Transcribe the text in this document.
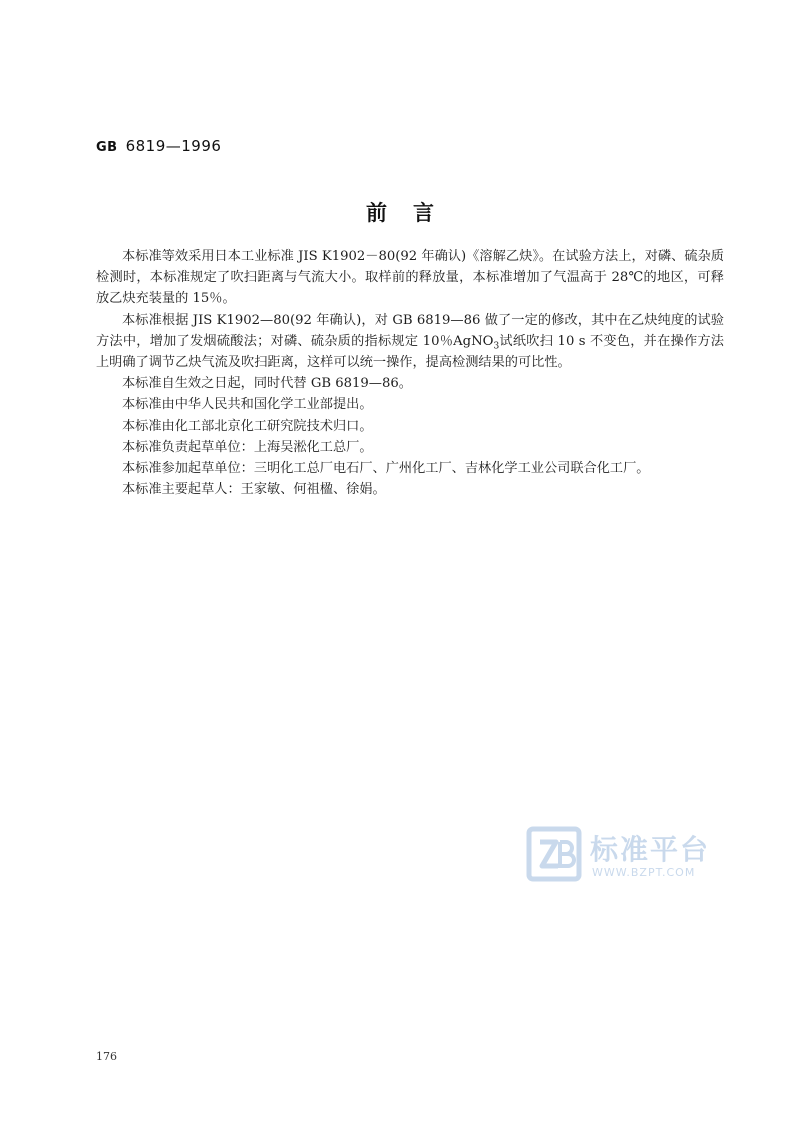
GB 6819—1996
前言

本标准等效采用日本工业标准 JIS K1902－80(92 年确认)《溶解乙炔》。在试验方法上，对磷、硫杂质检测时，本标准规定了吹扫距离与气流大小。取样前的释放量，本标准增加了气温高于 28℃的地区，可释放乙炔充装量的 15％。

本标准根据 JIS K1902—80(92 年确认)，对 GB 6819—86 做了一定的修改，其中在乙炔纯度的试验方法中，增加了发烟硫酸法；对磷、硫杂质的指标规定 10％AgNO$_3$试纸吹扫 10 s 不变色，并在操作方法上明确了调节乙炔气流及吹扫距离，这样可以统一操作，提高检测结果的可比性。

本标准自生效之日起，同时代替 GB 6819—86。

本标准由中华人民共和国化学工业部提出。

本标准由化工部北京化工研究院技术归口。

本标准负责起草单位：上海吴淞化工总厂。

本标准参加起草单位：三明化工总厂电石厂、广州化工厂、吉林化学工业公司联合化工厂。

本标准主要起草人：王家敏、何祖楹、徐娟。

标准平台
WWW.BZPT.COM
176
